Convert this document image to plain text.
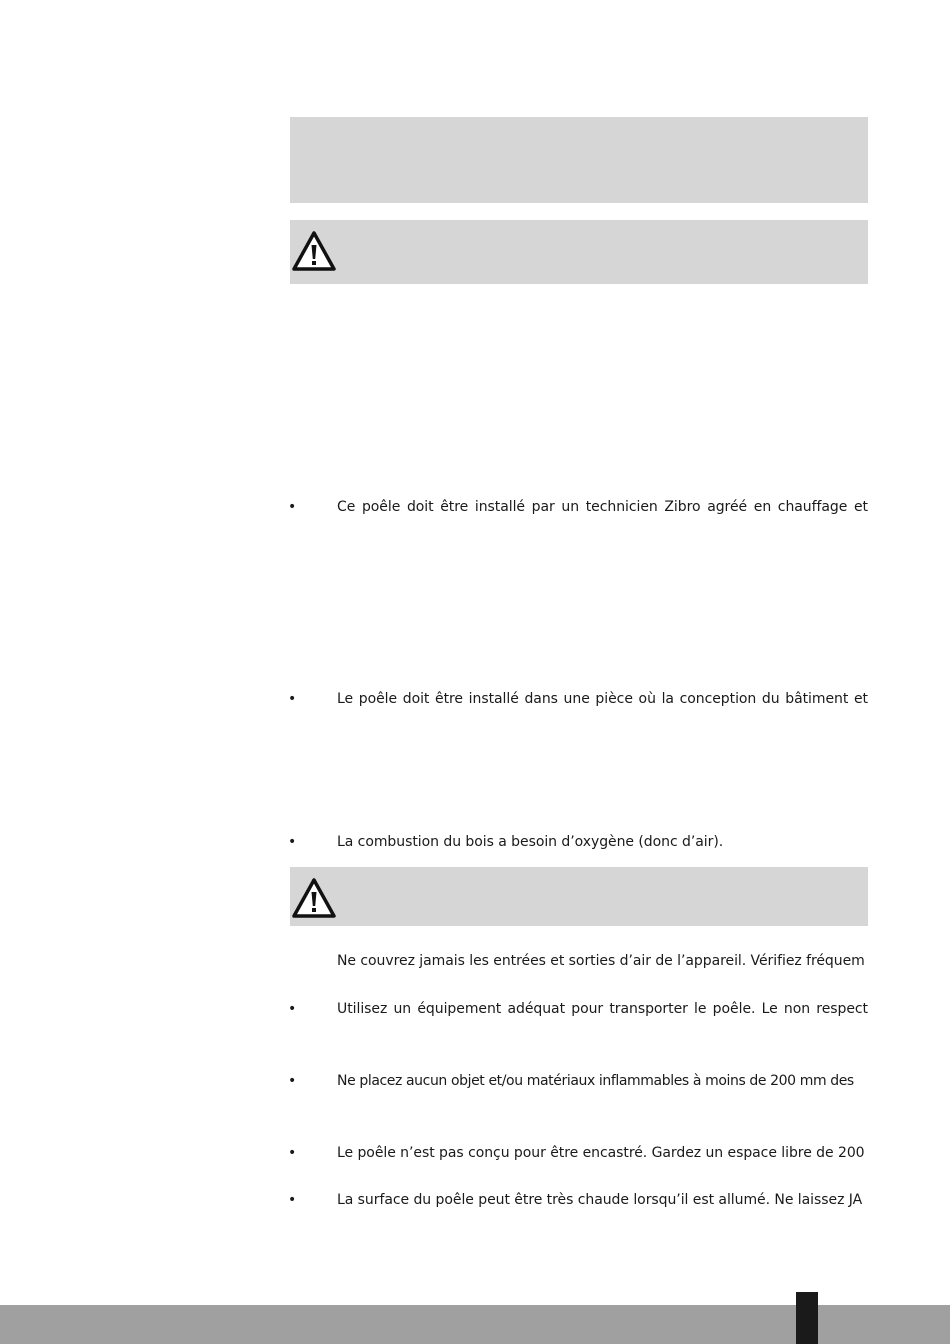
•	Ce poêle doit être installé par un technicien Zibro agréé en chauffage et
•	Le poêle doit être installé dans une pièce où la conception du bâtiment et
•	La combustion du bois a besoin d’oxygène (donc d’air).
Ne couvrez jamais les entrées et sorties d’air de l’appareil. Vérifiez fréquem
•	Utilisez un équipement adéquat pour transporter le poêle. Le non respect
•	Ne placez aucun objet et/ou matériaux inflammables à moins de 200 mm des
•	Le poêle n’est pas conçu pour être encastré. Gardez un espace libre de 200
•	La surface du poêle peut être très chaude lorsqu’il est allumé. Ne laissez JA
